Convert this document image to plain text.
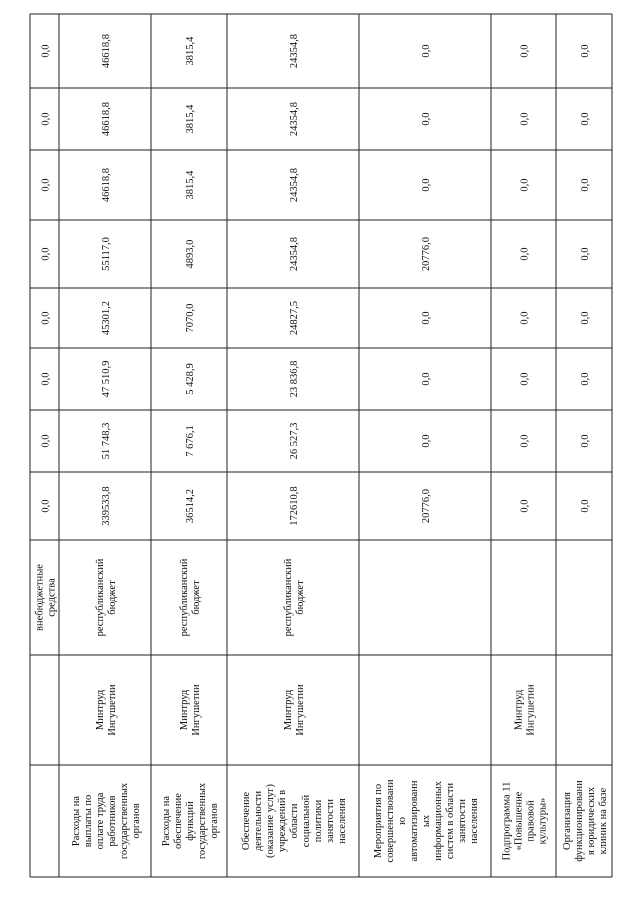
внебюджетные средства
0,0
0,0
0,0
0,0
0,0
0,0
0,0
0,0
Расходы на выплаты по оплате труда работников государственных органов
Минтруд Ингушетии
республиканский бюджет
339533,8
51 748,3
47 510,9
45301,2
55117,0
46618,8
46618,8
46618,8
Расходы на обеспечение функций государственных органов
Минтруд Ингушетии
республиканский бюджет
36514,2
7 676,1
5 428,9
7070,0
4893,0
3815,4
3815,4
3815,4
Обеспечение деятельности (оказание услуг) учреждений в области социальной политики занятости населения
Минтруд Ингушетии
республиканский бюджет
172610,8
26 527,3
23 836,8
24827,5
24354,8
24354,8
24354,8
24354,8
Мероприятия по совершенствовани ю автоматизированн ых информационных систем в области занятости населения
20776,0
0,0
0,0
0,0
20776,0
0,0
0,0
0,0
Подпрограмма 11 «Повышение правовой культуры»
Минтруд Ингушетии
0,0
0,0
0,0
0,0
0,0
0,0
0,0
0,0
Организация функционировани я юридических клиник на базе
0,0
0,0
0,0
0,0
0,0
0,0
0,0
0,0
